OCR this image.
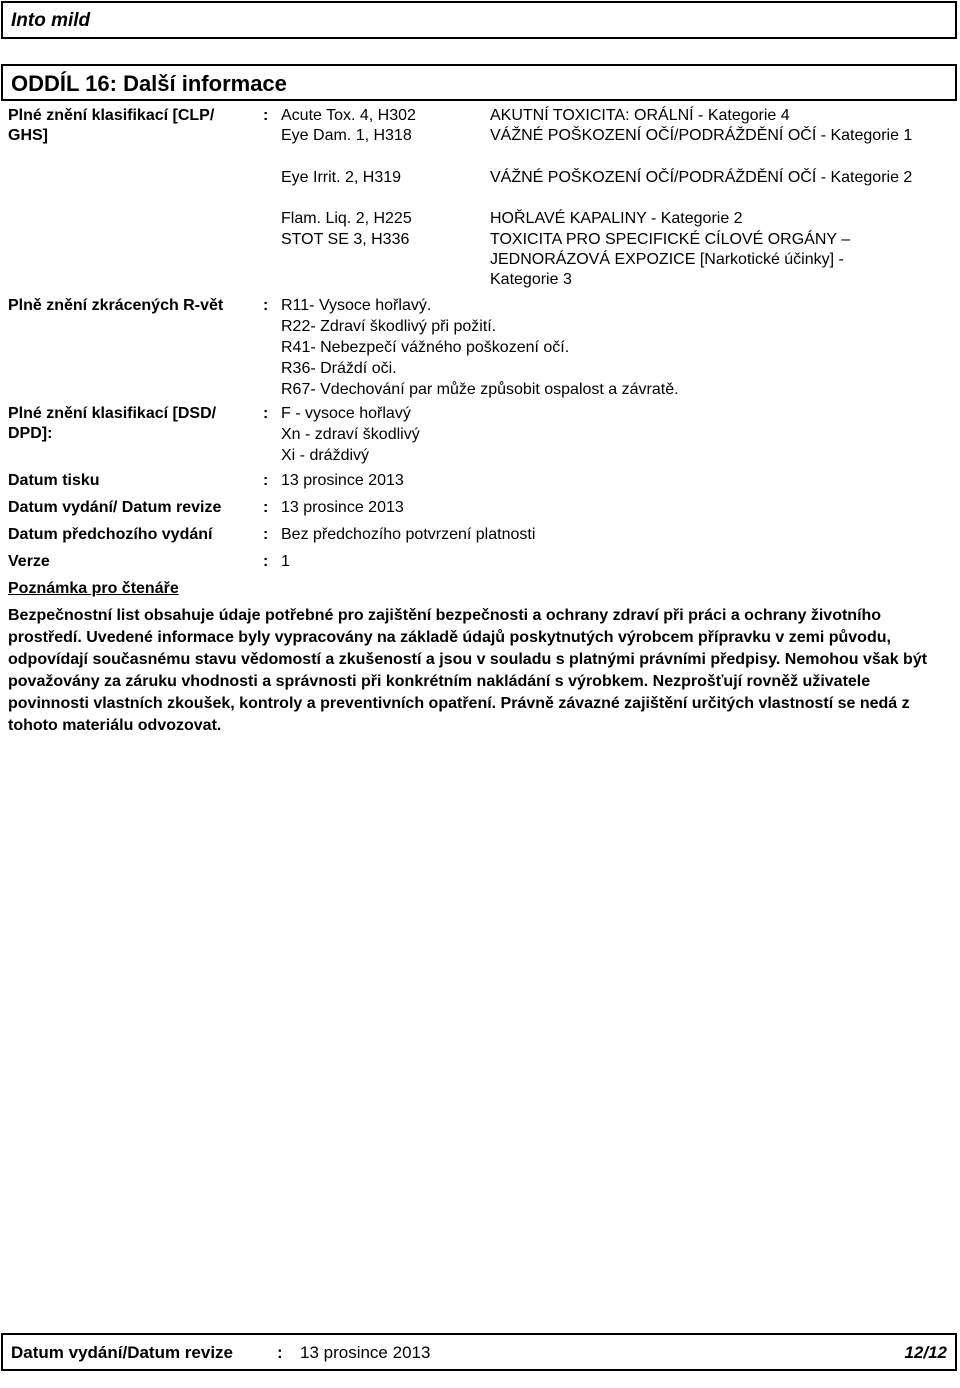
Into mild
ODDÍL 16: Další informace
Plné znění klasifikací [CLP/ GHS]
: Acute Tox. 4, H302	AKUTNÍ TOXICITA: ORÁLNÍ - Kategorie 4
Eye Dam. 1, H318	VÁŽNÉ POŠKOZENÍ OČÍ/PODRÁŽDĚNÍ OČÍ - Kategorie 1
Eye Irrit. 2, H319	VÁŽNÉ POŠKOZENÍ OČÍ/PODRÁŽDĚNÍ OČÍ - Kategorie 2
Flam. Liq. 2, H225	HOŘLAVÉ KAPALINY - Kategorie 2
STOT SE 3, H336	TOXICITA PRO SPECIFICKÉ CÍLOVÉ ORGÁNY – JEDNORÁZOVÁ EXPOZICE [Narkotické účinky] - Kategorie 3
Plně znění zkrácených R-vět : R11- Vysoce hořlavý.
R22- Zdraví škodlivý při požití.
R41- Nebezpečí vážného poškození očí.
R36- Dráždí oči.
R67- Vdechování par může způsobit ospalost a závratě.
Plné znění klasifikací [DSD/ DPD]:
: F - vysoce hořlavý
Xn - zdraví škodlivý
Xi - dráždivý
Datum tisku	: 13 prosince 2013
Datum vydání/ Datum revize	: 13 prosince 2013
Datum předchozího vydání	: Bez předchozího potvrzení platnosti
Verze	: 1
Poznámka pro čtenáře
Bezpečnostní list obsahuje údaje potřebné pro zajištění bezpečnosti a ochrany zdraví při práci a ochrany životního prostředí. Uvedené informace byly vypracovány na základě údajů poskytnutých výrobcem přípravku v zemi původu, odpovídají současnému stavu vědomostí a zkušeností a jsou v souladu s platnými právními předpisy. Nemohou však být považovány za záruku vhodnosti a správnosti při konkrétním nakládání s výrobkem. Nezprošťují rovněž uživatele povinnosti vlastních zkoušek, kontroly a preventivních opatření. Právně závazné zajištění určitých vlastností se nedá z tohoto materiálu odvozovat.
Datum vydání/Datum revize	: 13 prosince 2013	12/12
